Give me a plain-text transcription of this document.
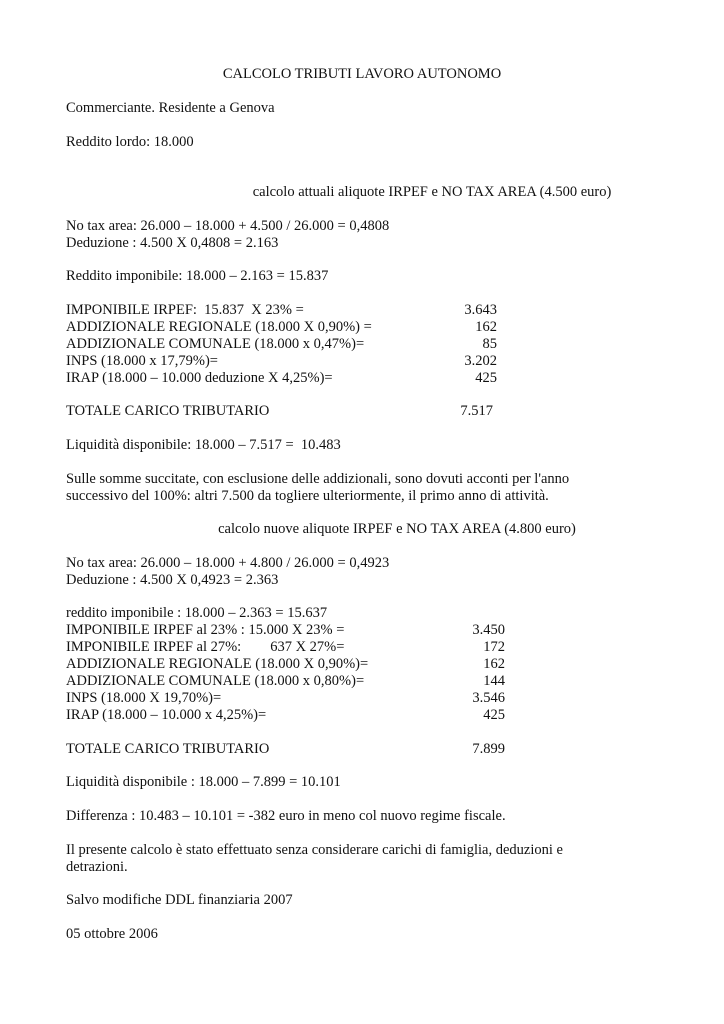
CALCOLO TRIBUTI LAVORO AUTONOMO
Commerciante. Residente a Genova
Reddito lordo: 18.000
calcolo attuali aliquote IRPEF e NO TAX AREA (4.500 euro)
No tax area: 26.000 – 18.000 + 4.500 / 26.000 = 0,4808
Deduzione : 4.500 X 0,4808 = 2.163
Reddito imponibile: 18.000 – 2.163 = 15.837
IMPONIBILE IRPEF:  15.837  X 23% =	3.643
ADDIZIONALE REGIONALE (18.000 X 0,90%) =	162
ADDIZIONALE COMUNALE (18.000 x 0,47%)=	85
INPS (18.000 x 17,79%)=	3.202
IRAP (18.000 – 10.000 deduzione X 4,25%)=	425
TOTALE CARICO TRIBUTARIO	7.517
Liquidità disponibile: 18.000 – 7.517 =  10.483
Sulle somme succitate, con esclusione delle addizionali, sono dovuti acconti per l'anno
successivo del 100%: altri 7.500 da togliere ulteriormente, il primo anno di attività.
calcolo nuove aliquote IRPEF e NO TAX AREA (4.800 euro)
No tax area: 26.000 – 18.000 + 4.800 / 26.000 = 0,4923
Deduzione : 4.500 X 0,4923 = 2.363
reddito imponibile : 18.000 – 2.363 = 15.637
IMPONIBILE IRPEF al 23% : 15.000 X 23% =	3.450
IMPONIBILE IRPEF al 27%:        637 X 27%=	172
ADDIZIONALE REGIONALE (18.000 X 0,90%)=	162
ADDIZIONALE COMUNALE (18.000 x 0,80%)=	144
INPS (18.000 X 19,70%)=	3.546
IRAP (18.000 – 10.000 x 4,25%)=	425
TOTALE CARICO TRIBUTARIO	7.899
Liquidità disponibile : 18.000 – 7.899 = 10.101
Differenza : 10.483 – 10.101 = -382 euro in meno col nuovo regime fiscale.
Il presente calcolo è stato effettuato senza considerare carichi di famiglia, deduzioni e
detrazioni.
Salvo modifiche DDL finanziaria 2007
05 ottobre 2006
